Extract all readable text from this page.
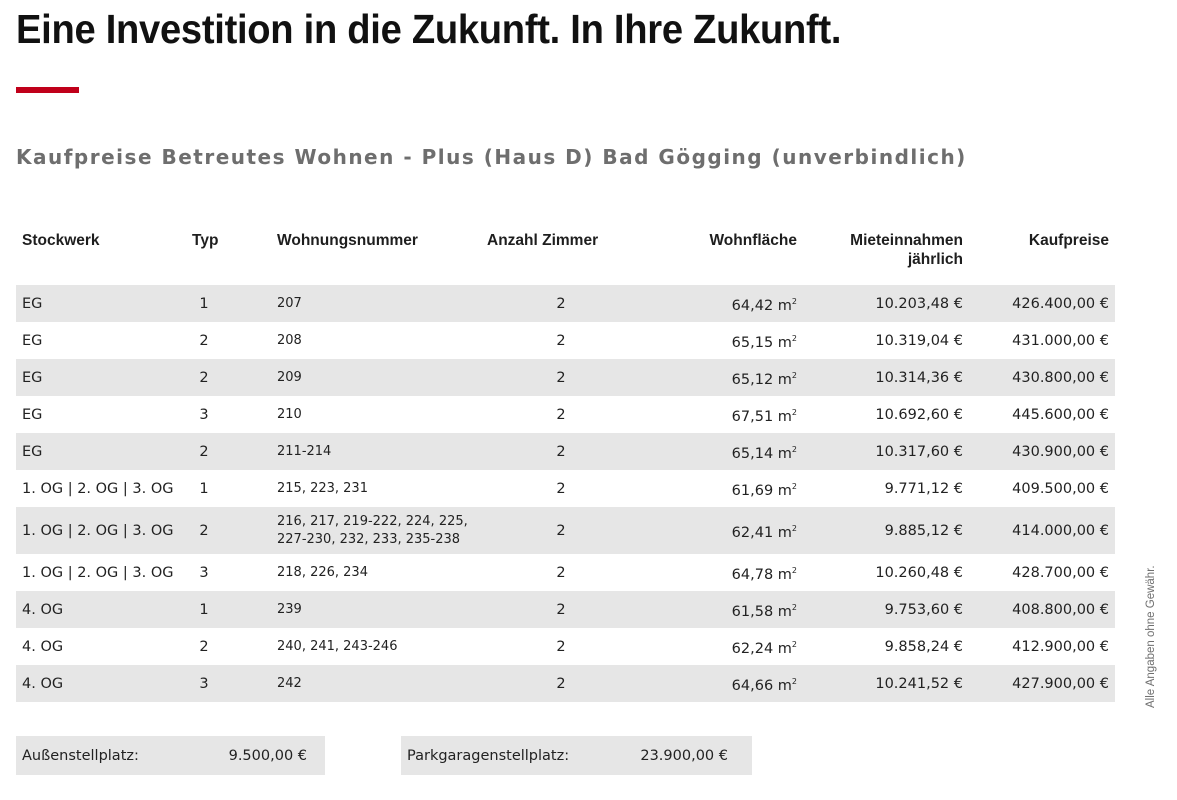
Eine Investition in die Zukunft. In Ihre Zukunft.
Kaufpreise Betreutes Wohnen - Plus (Haus D) Bad Gögging (unverbindlich)
Stockwerk	Typ	Wohnungsnummer	Anzahl Zimmer	Wohnfläche	Mieteinnahmen
jährlich	Kaufpreise
EG	1	207	2	64,42 $m^2$	10.203,48 €	426.400,00 €
EG	2	208	2	65,15 $m^2$	10.319,04 €	431.000,00 €
EG	2	209	2	65,12 $m^2$	10.314,36 €	430.800,00 €
EG	3	210	2	67,51 $m^2$	10.692,60 €	445.600,00 €
EG	2	211-214	2	65,14 $m^2$	10.317,60 €	430.900,00 €
1. OG | 2. OG | 3. OG	1	215, 223, 231	2	61,69 $m^2$	9.771,12 €	409.500,00 €
1. OG | 2. OG | 3. OG	2	216, 217, 219-222, 224, 225,
227-230, 232, 233, 235-238	2	62,41 $m^2$	9.885,12 €	414.000,00 €
1. OG | 2. OG | 3. OG	3	218, 226, 234	2	64,78 $m^2$	10.260,48 €	428.700,00 €
4. OG	1	239	2	61,58 $m^2$	9.753,60 €	408.800,00 €
4. OG	2	240, 241, 243-246	2	62,24 $m^2$	9.858,24 €	412.900,00 €
4. OG	3	242	2	64,66 $m^2$	10.241,52 €	427.900,00 €
Außenstellplatz:	9.500,00 €	Parkgaragenstellplatz:	23.900,00 €
Alle Angaben ohne Gewähr.
